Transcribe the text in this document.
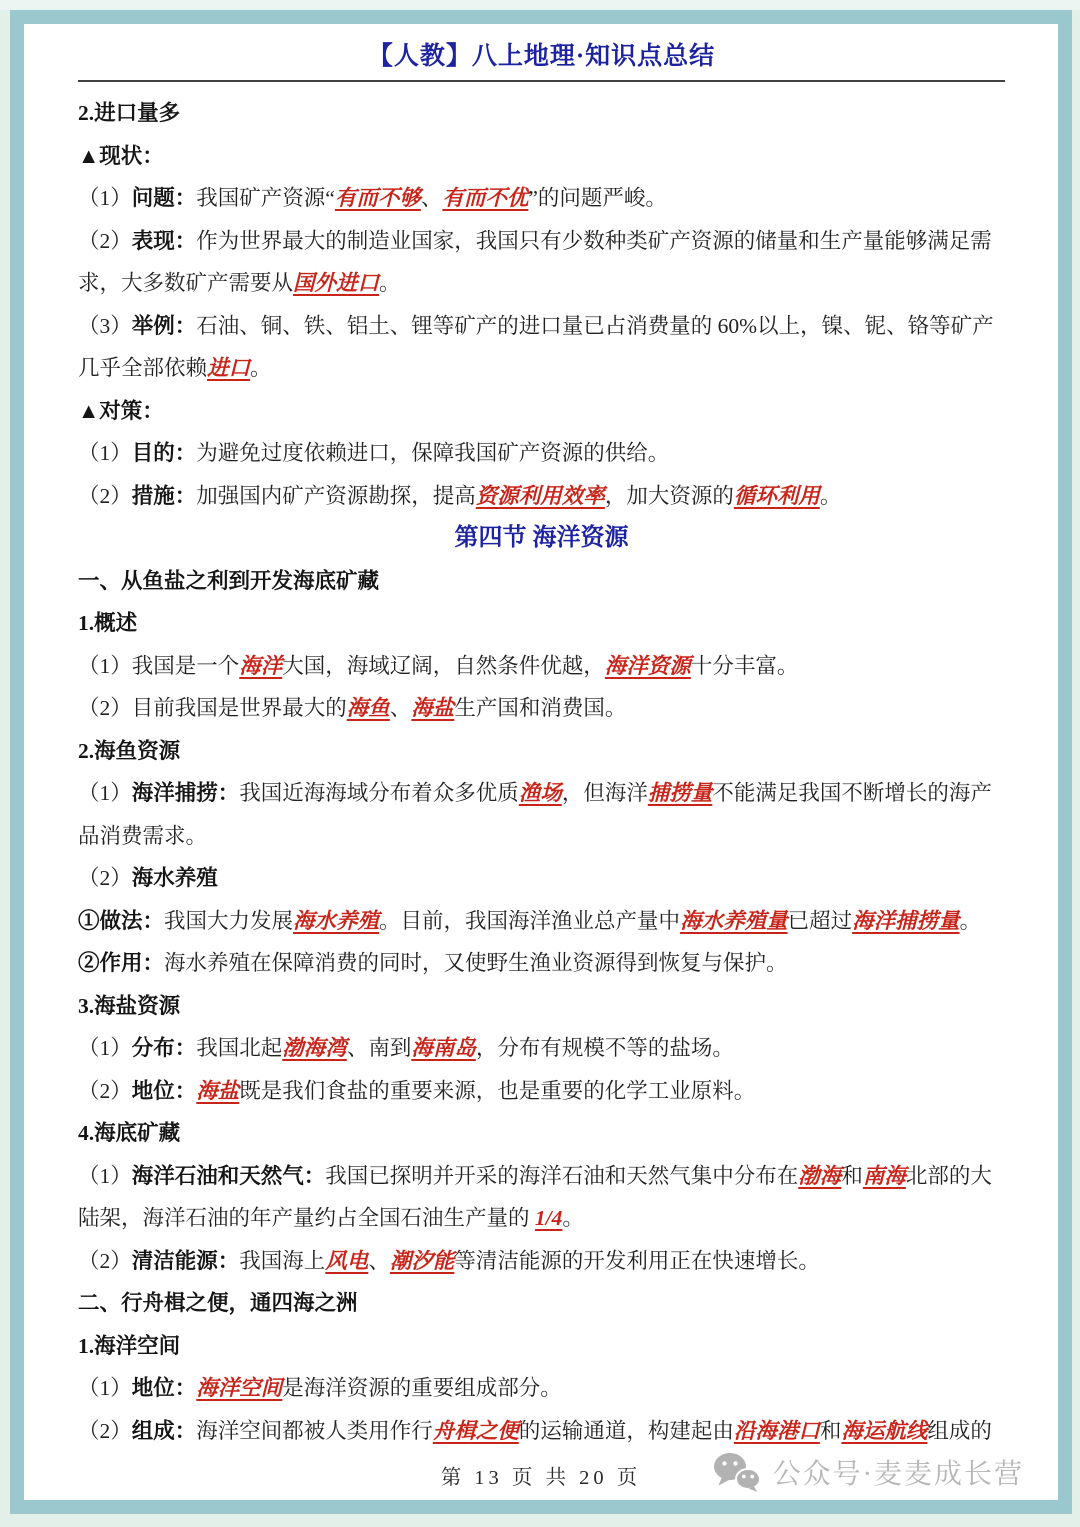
【人教】八上地理·知识点总结
2.进口量多
▲现状：
（1）问题：我国矿产资源“有而不够、有而不优”的问题严峻。
（2）表现：作为世界最大的制造业国家，我国只有少数种类矿产资源的储量和生产量能够满足需
求，大多数矿产需要从国外进口。
（3）举例：石油、铜、铁、铝土、锂等矿产的进口量已占消费量的 60%以上，镍、铌、铬等矿产
几乎全部依赖进口。
▲对策：
（1）目的：为避免过度依赖进口，保障我国矿产资源的供给。
（2）措施：加强国内矿产资源勘探，提高资源利用效率，加大资源的循环利用。
第四节 海洋资源
一、从鱼盐之利到开发海底矿藏
1.概述
（1）我国是一个海洋大国，海域辽阔，自然条件优越，海洋资源十分丰富。
（2）目前我国是世界最大的海鱼、海盐生产国和消费国。
2.海鱼资源
（1）海洋捕捞：我国近海海域分布着众多优质渔场，但海洋捕捞量不能满足我国不断增长的海产
品消费需求。
（2）海水养殖
①做法：我国大力发展海水养殖。目前，我国海洋渔业总产量中海水养殖量已超过海洋捕捞量。
②作用：海水养殖在保障消费的同时，又使野生渔业资源得到恢复与保护。
3.海盐资源
（1）分布：我国北起渤海湾、南到海南岛，分布有规模不等的盐场。
（2）地位：海盐既是我们食盐的重要来源，也是重要的化学工业原料。
4.海底矿藏
（1）海洋石油和天然气：我国已探明并开采的海洋石油和天然气集中分布在渤海和南海北部的大
陆架，海洋石油的年产量约占全国石油生产量的 1/4。
（2）清洁能源：我国海上风电、潮汐能等清洁能源的开发利用正在快速增长。
二、行舟楫之便，通四海之洲
1.海洋空间
（1）地位：海洋空间是海洋资源的重要组成部分。
（2）组成：海洋空间都被人类用作行舟楫之便的运输通道，构建起由沿海港口和海运航线组成的
第 13 页 共 20 页	公众号·麦麦成长营
